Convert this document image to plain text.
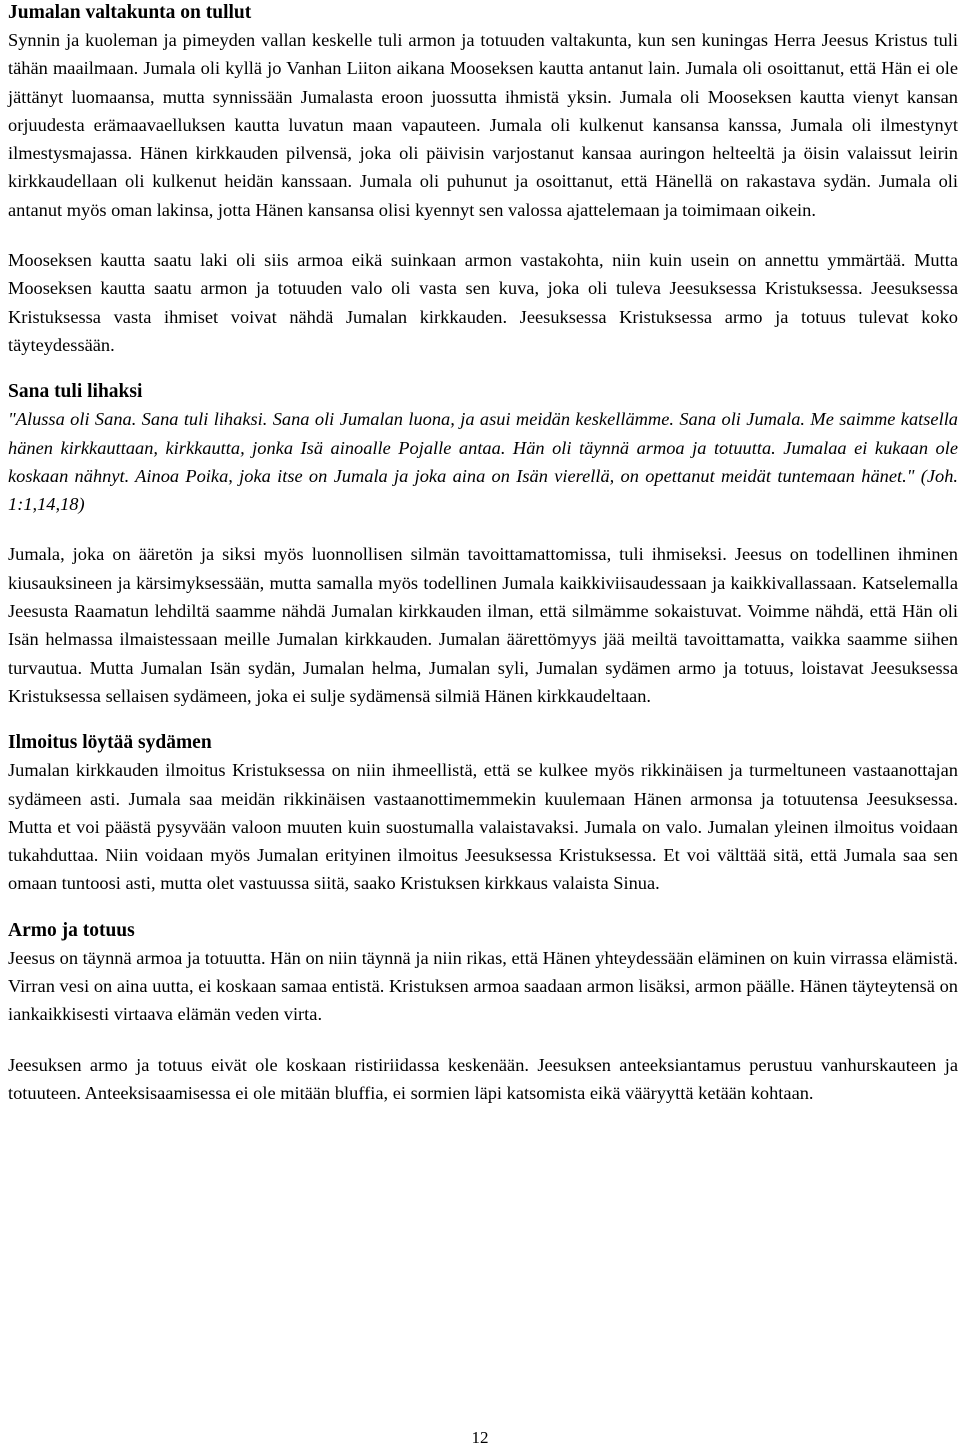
Jumalan valtakunta on tullut

Synnin ja kuoleman ja pimeyden vallan keskelle tuli armon ja totuuden valtakunta, kun sen kuningas Herra Jeesus Kristus tuli tähän maailmaan. Jumala oli kyllä jo Vanhan Liiton aikana Mooseksen kautta antanut lain. Jumala oli osoittanut, että Hän ei ole jättänyt luomaansa, mutta synnissään Jumalasta eroon juossutta ihmistä yksin. Jumala oli Mooseksen kautta vienyt kansan orjuudesta erämaavaelluksen kautta luvatun maan vapauteen. Jumala oli kulkenut kansansa kanssa, Jumala oli ilmestynyt ilmestysmajassa. Hänen kirkkauden pilvensä, joka oli päivisin varjostanut kansaa auringon helteeltä ja öisin valaissut leirin kirkkaudellaan oli kulkenut heidän kanssaan. Jumala oli puhunut ja osoittanut, että Hänellä on rakastava sydän. Jumala oli antanut myös oman lakinsa, jotta Hänen kansansa olisi kyennyt sen valossa ajattelemaan ja toimimaan oikein.

Mooseksen kautta saatu laki oli siis armoa eikä suinkaan armon vastakohta, niin kuin usein on annettu ymmärtää. Mutta Mooseksen kautta saatu armon ja totuuden valo oli vasta sen kuva, joka oli tuleva Jeesuksessa Kristuksessa. Jeesuksessa Kristuksessa vasta ihmiset voivat nähdä Jumalan kirkkauden. Jeesuksessa Kristuksessa armo ja totuus tulevat koko täyteydessään.

Sana tuli lihaksi

"Alussa oli Sana. Sana tuli lihaksi. Sana oli Jumalan luona, ja asui meidän keskellämme. Sana oli Jumala. Me saimme katsella hänen kirkkauttaan, kirkkautta, jonka Isä ainoalle Pojalle antaa. Hän oli täynnä armoa ja totuutta. Jumalaa ei kukaan ole koskaan nähnyt. Ainoa Poika, joka itse on Jumala ja joka aina on Isän vierellä, on opettanut meidät tuntemaan hänet." (Joh. 1:1,14,18)

Jumala, joka on ääretön ja siksi myös luonnollisen silmän tavoittamattomissa, tuli ihmiseksi. Jeesus on todellinen ihminen kiusauksineen ja kärsimyksessään, mutta samalla myös todellinen Jumala kaikkiviisaudessaan ja kaikkivallassaan. Katselemalla Jeesusta Raamatun lehdiltä saamme nähdä Jumalan kirkkauden ilman, että silmämme sokaistuvat. Voimme nähdä, että Hän oli Isän helmassa ilmaistessaan meille Jumalan kirkkauden. Jumalan äärettömyys jää meiltä tavoittamatta, vaikka saamme siihen turvautua. Mutta Jumalan Isän sydän, Jumalan helma, Jumalan syli, Jumalan sydämen armo ja totuus, loistavat Jeesuksessa Kristuksessa sellaisen sydämeen, joka ei sulje sydämensä silmiä Hänen kirkkaudeltaan.

Ilmoitus löytää sydämen

Jumalan kirkkauden ilmoitus Kristuksessa on niin ihmeellistä, että se kulkee myös rikkinäisen ja turmeltuneen vastaanottajan sydämeen asti. Jumala saa meidän rikkinäisen vastaanottimemmekin kuulemaan Hänen armonsa ja totuutensa Jeesuksessa. Mutta et voi päästä pysyvään valoon muuten kuin suostumalla valaistavaksi. Jumala on valo. Jumalan yleinen ilmoitus voidaan tukahduttaa. Niin voidaan myös Jumalan erityinen ilmoitus Jeesuksessa Kristuksessa. Et voi välttää sitä, että Jumala saa sen omaan tuntoosi asti, mutta olet vastuussa siitä, saako Kristuksen kirkkaus valaista Sinua.

Armo ja totuus

Jeesus on täynnä armoa ja totuutta. Hän on niin täynnä ja niin rikas, että Hänen yhteydessään eläminen on kuin virrassa elämistä. Virran vesi on aina uutta, ei koskaan samaa entistä. Kristuksen armoa saadaan armon lisäksi, armon päälle. Hänen täyteytensä on iankaikkisesti virtaava elämän veden virta.

Jeesuksen armo ja totuus eivät ole koskaan ristiriidassa keskenään. Jeesuksen anteeksiantamus perustuu vanhurskauteen ja totuuteen. Anteeksisaamisessa ei ole mitään bluffia, ei sormien läpi katsomista eikä vääryyttä ketään kohtaan.

12
